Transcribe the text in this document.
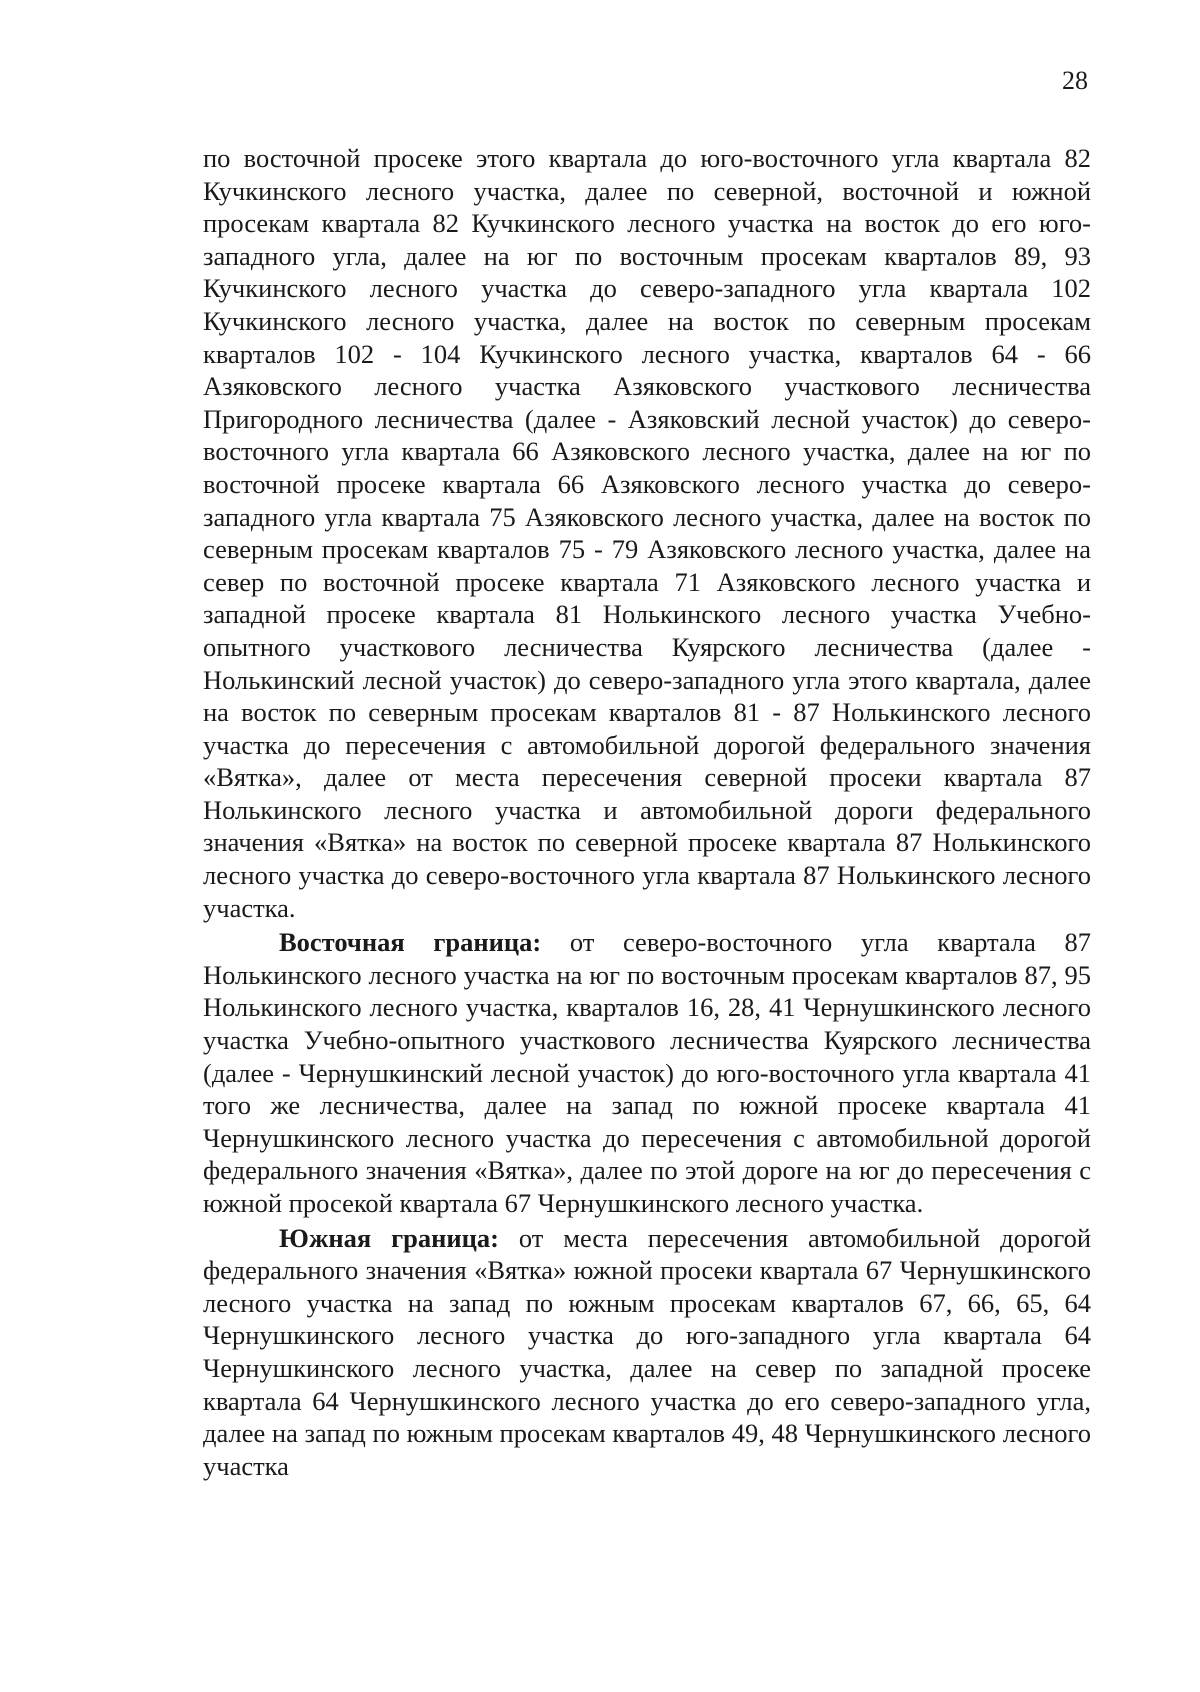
28

по восточной просеке этого квартала до юго-восточного угла квартала 82 Кучкинского лесного участка, далее по северной, восточной и южной просекам квартала 82 Кучкинского лесного участка на восток до его юго-западного угла, далее на юг по восточным просекам кварталов 89, 93 Кучкинского лесного участка до северо-западного угла квартала 102 Кучкинского лесного участка, далее на восток по северным просекам кварталов 102 - 104 Кучкинского лесного участка, кварталов 64 - 66 Азяковского лесного участка Азяковского участкового лесничества Пригородного лесничества (далее - Азяковский лесной участок) до северо-восточного угла квартала 66 Азяковского лесного участка, далее на юг по восточной просеке квартала 66 Азяковского лесного участка до северо-западного угла квартала 75 Азяковского лесного участка, далее на восток по северным просекам кварталов 75 - 79 Азяковского лесного участка, далее на север по восточной просеке квартала 71 Азяковского лесного участка и западной просеке квартала 81 Нолькинского лесного участка Учебно-опытного участкового лесничества Куярского лесничества (далее - Нолькинский лесной участок) до северо-западного угла этого квартала, далее на восток по северным просекам кварталов 81 - 87 Нолькинского лесного участка до пересечения с автомобильной дорогой федерального значения «Вятка», далее от места пересечения северной просеки квартала 87 Нолькинского лесного участка и автомобильной дороги федерального значения «Вятка» на восток по северной просеке квартала 87 Нолькинского лесного участка до северо-восточного угла квартала 87 Нолькинского лесного участка.

Восточная граница: от северо-восточного угла квартала 87 Нолькинского лесного участка на юг по восточным просекам кварталов 87, 95 Нолькинского лесного участка, кварталов 16, 28, 41 Чернушкинского лесного участка Учебно-опытного участкового лесничества Куярского лесничества (далее - Чернушкинский лесной участок) до юго-восточного угла квартала 41 того же лесничества, далее на запад по южной просеке квартала 41 Чернушкинского лесного участка до пересечения с автомобильной дорогой федерального значения «Вятка», далее по этой дороге на юг до пересечения с южной просекой квартала 67 Чернушкинского лесного участка.

Южная граница: от места пересечения автомобильной дорогой федерального значения «Вятка» южной просеки квартала 67 Чернушкинского лесного участка на запад по южным просекам кварталов 67, 66, 65, 64 Чернушкинского лесного участка до юго-западного угла квартала 64 Чернушкинского лесного участка, далее на север по западной просеке квартала 64 Чернушкинского лесного участка до его северо-западного угла, далее на запад по южным просекам кварталов 49, 48 Чернушкинского лесного участка
